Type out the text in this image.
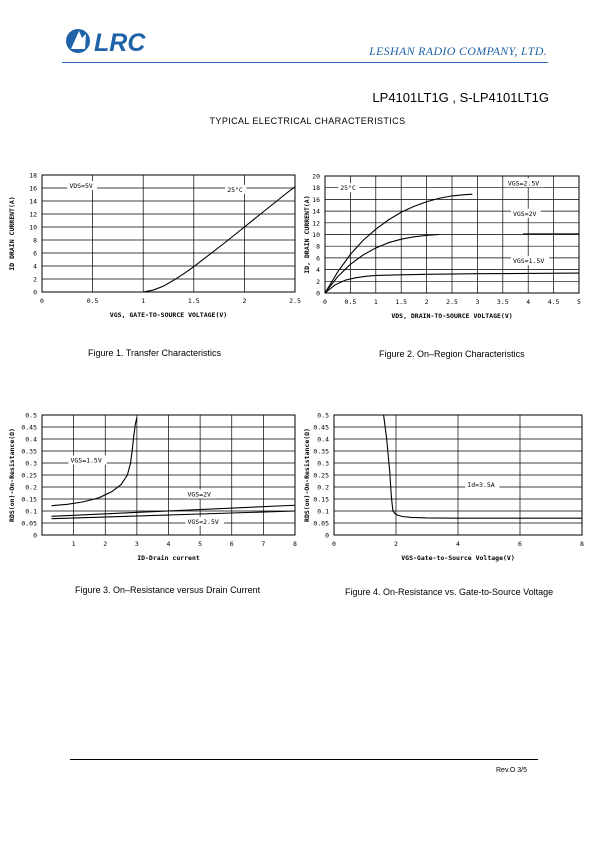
LRC	LESHAN RADIO COMPANY, LTD.
LP4101LT1G , S-LP4101LT1G
TYPICAL ELECTRICAL CHARACTERISTICS
0
2
4
6
8
10
12
14
16
18
0	0.5	1	1.5	2	2.5
VDS=5V	25°C
VGS, GATE-TO-SOURCE VOLTAGE(V)
ID DRAIN CURRENT(A)
0
2
4
6
8
10
12
14
16
18
20
0	0.5	1	1.5	2	2.5	3	3.5	4	4.5	5
25°C
VGS=2.5V
VGS=2V
VGS=1.5V
VDS, DRAIN-TO-SOURCE VOLTAGE(V)
ID, DRAIN CURRENT(A)
0
0.05
0.1
0.15
0.2
0.25
0.3
0.35
0.4
0.45
0.5
1	2	3	4	5	6	7	8
VGS=1.5V
VGS=2V
VGS=2.5V
ID-Drain current
RDS(on)-On-Resistance(Ω)
0
0.05
0.1
0.15
0.2
0.25
0.3
0.35
0.4
0.45
0.5
0	2	4	6	8
Id=3.5A
VGS-Gate-to-Source Voltage(V)
RDS(on)-On-Resistance(Ω)
Figure 1. Transfer Characteristics	Figure 2. On–Region Characteristics
Figure 3. On–Resistance versus Drain Current	Figure 4. On-Resistance vs. Gate-to-Source Voltage
Rev.O 3/5
